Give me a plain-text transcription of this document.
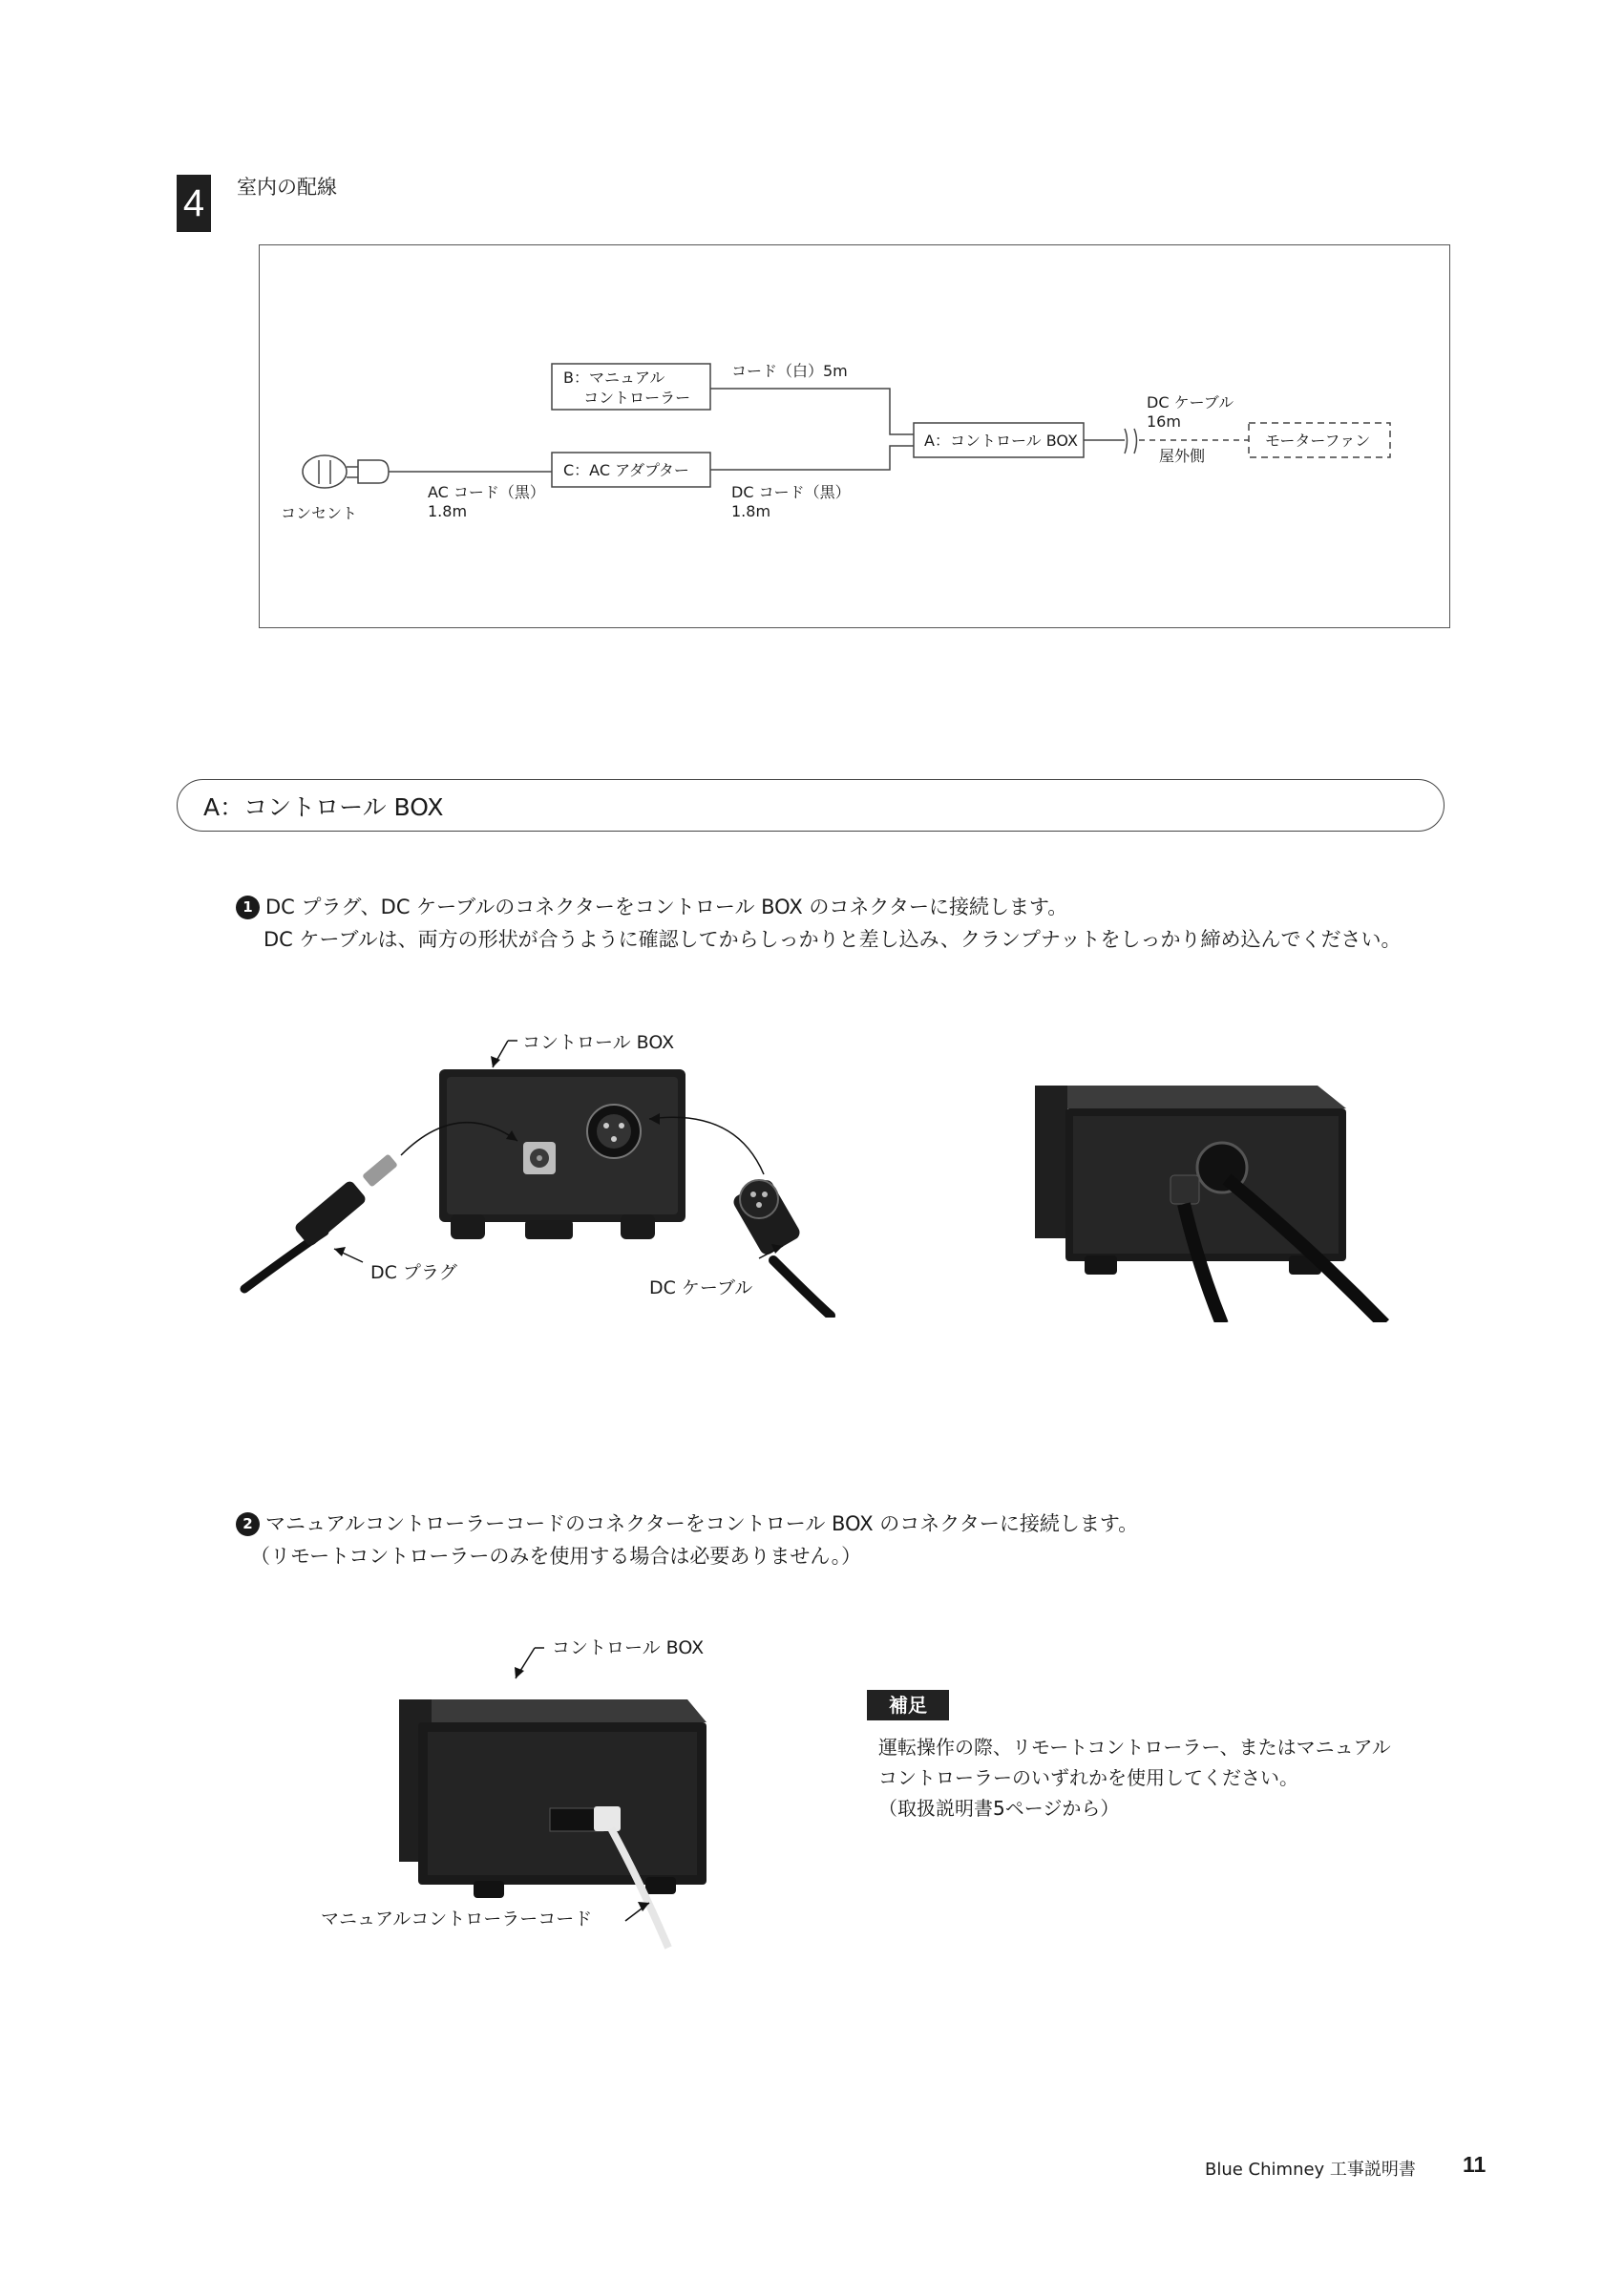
4	室内の配線
コンセント
B：マニュアル
　 コントローラー
C：AC アダプター
A：コントロール BOX	モーターファン
コード（白）5m
AC コード（黒）
1.8m
DC コード（黒）
1.8m
DC ケーブル
16m
屋外側
A：コントロール BOX
1 DC プラグ、DC ケーブルのコネクターをコントロール BOX のコネクターに接続します。
DC ケーブルは、両方の形状が合うように確認してからしっかりと差し込み、クランプナットをしっかり締め込んでください。
コントロール BOX
DC プラグ
DC ケーブル
2 マニュアルコントローラーコードのコネクターをコントロール BOX のコネクターに接続します。
（リモートコントローラーのみを使用する場合は必要ありません。）
コントロール BOX
マニュアルコントローラーコード
補足
運転操作の際、リモートコントローラー、またはマニュアル
コントローラーのいずれかを使用してください。
（取扱説明書5ページから）
Blue Chimney 工事説明書 11
